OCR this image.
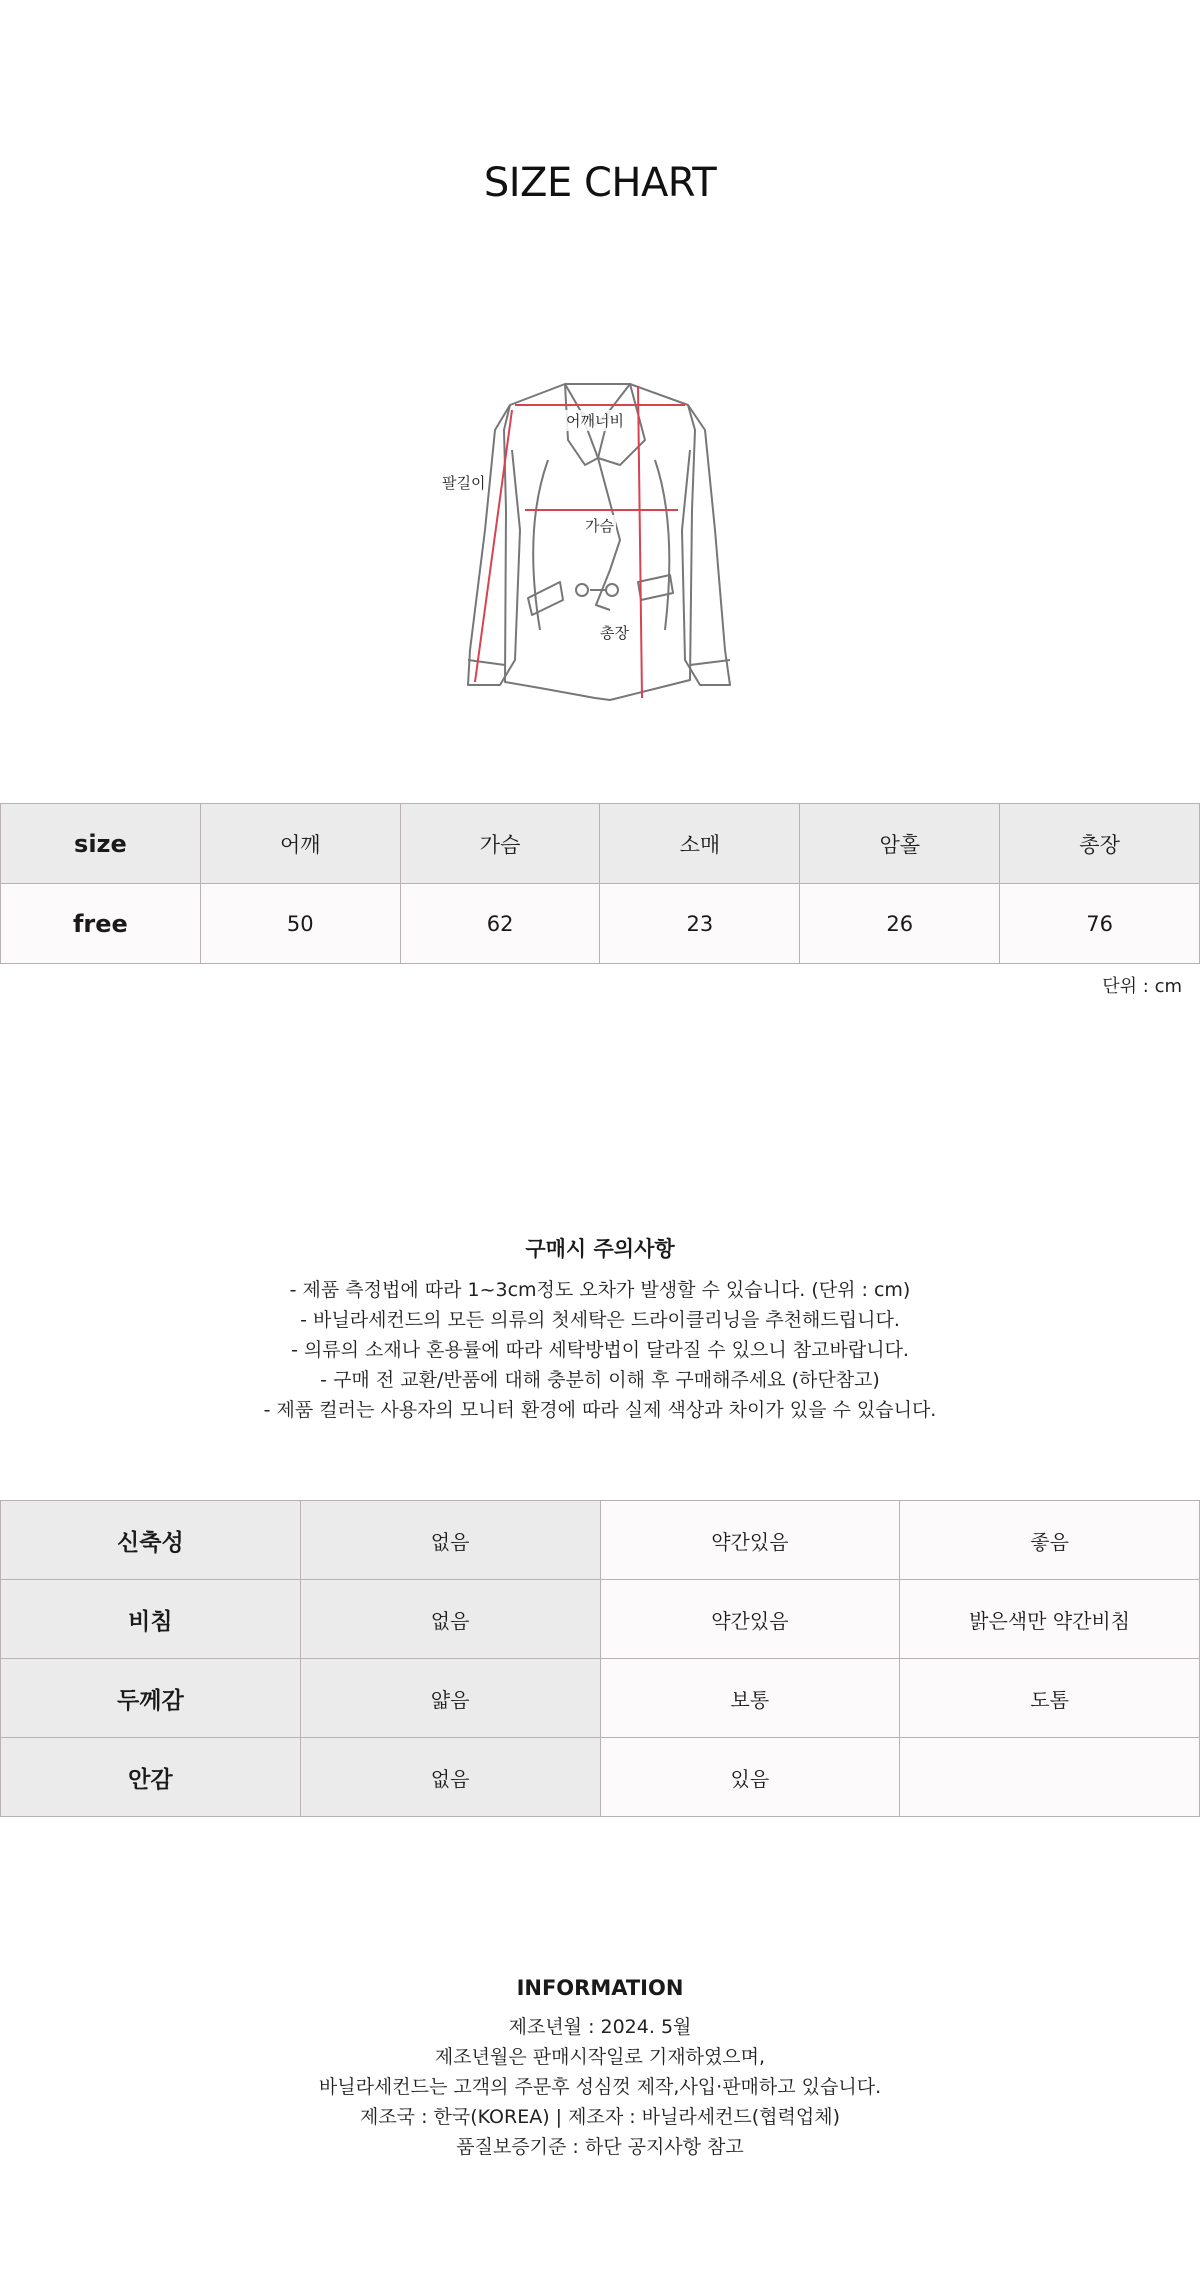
SIZE CHART
어깨너비
팔길이
가슴
총장
size	어깨	가슴	소매	암홀	총장
free	50	62	23	26	76
단위 : cm
구매시 주의사항
- 제품 측정법에 따라 1~3cm정도 오차가 발생할 수 있습니다. (단위 : cm)
- 바닐라세컨드의 모든 의류의 첫세탁은 드라이클리닝을 추천해드립니다.
- 의류의 소재나 혼용률에 따라 세탁방법이 달라질 수 있으니 참고바랍니다.
- 구매 전 교환/반품에 대해 충분히 이해 후 구매해주세요 (하단참고)
- 제품 컬러는 사용자의 모니터 환경에 따라 실제 색상과 차이가 있을 수 있습니다.
신축성	없음	약간있음	좋음
비침	없음	약간있음	밝은색만 약간비침
두께감	얇음	보통	도톰
안감	없음	있음	
INFORMATION
제조년월 : 2024. 5월
제조년월은 판매시작일로 기재하였으며,
바닐라세컨드는 고객의 주문후 성심껏 제작,사입·판매하고 있습니다.
제조국 : 한국(KOREA) | 제조자 : 바닐라세컨드(협력업체)
품질보증기준 : 하단 공지사항 참고
